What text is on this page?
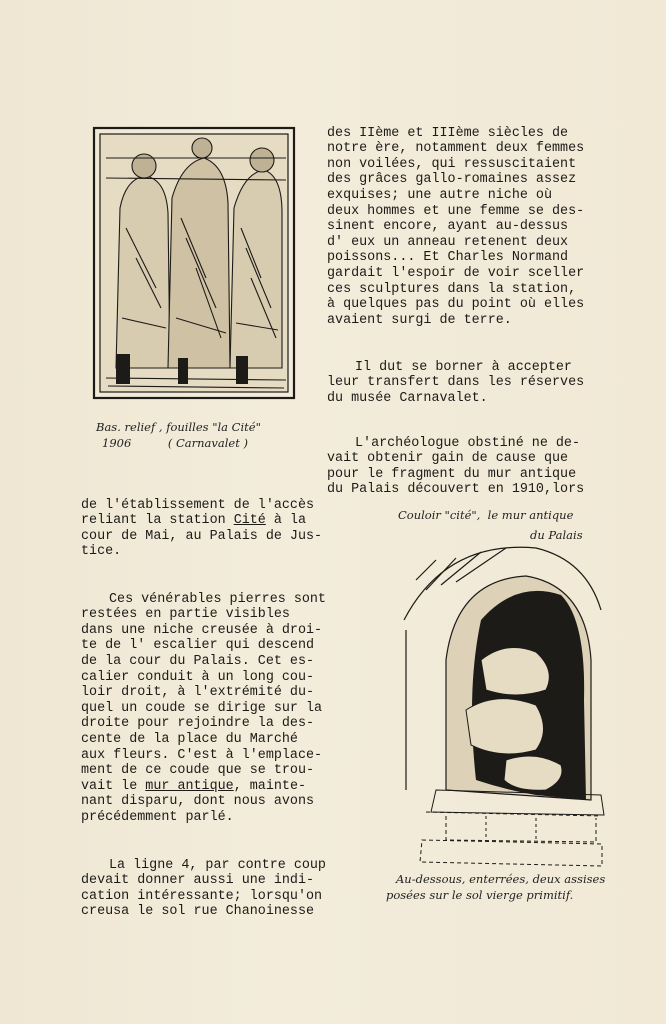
Bas. relief , fouilles "la Cité"
1906          ( Carnavalet )

des IIème et IIIème siècles de
notre ère, notamment deux femmes
non voilées, qui ressuscitaient
des grâces gallo-romaines assez
exquises; une autre niche où
deux hommes et une femme se des-
sinent encore, ayant au-dessus
d' eux un anneau retenent deux
poissons... Et Charles Normand
gardait l'espoir de voir sceller
ces sculptures dans la station,
à quelques pas du point où elles
avaient surgi de terre.

Il dut se borner à accepter
leur transfert dans les réserves
du musée Carnavalet.

L'archéologue obstiné ne de-
vait obtenir gain de cause que
pour le fragment du mur antique
du Palais découvert en 1910,lors

de l'établissement de l'accès
reliant la station Cité à la
cour de Mai, au Palais de Jus-
tice.
Couloir "cité",  le mur antique
du Palais

Ces vénérables pierres sont
restées en partie visibles
dans une niche creusée à droi-
te de l' escalier qui descend
de la cour du Palais. Cet es-
calier conduit à un long cou-
loir droit, à l'extrémité du-
quel un coude se dirige sur la
droite pour rejoindre la des-
cente de la place du Marché
aux fleurs. C'est à l'emplace-
ment de ce coude que se trou-
vait le mur antique, mainte-
nant disparu, dont nous avons
précédemment parlé.

La ligne 4, par contre coup
devait donner aussi une indi-
cation intéressante; lorsqu'on
creusa le sol rue Chanoinesse
Au-dessous, enterrées, deux assises
posées sur le sol vierge primitif.
